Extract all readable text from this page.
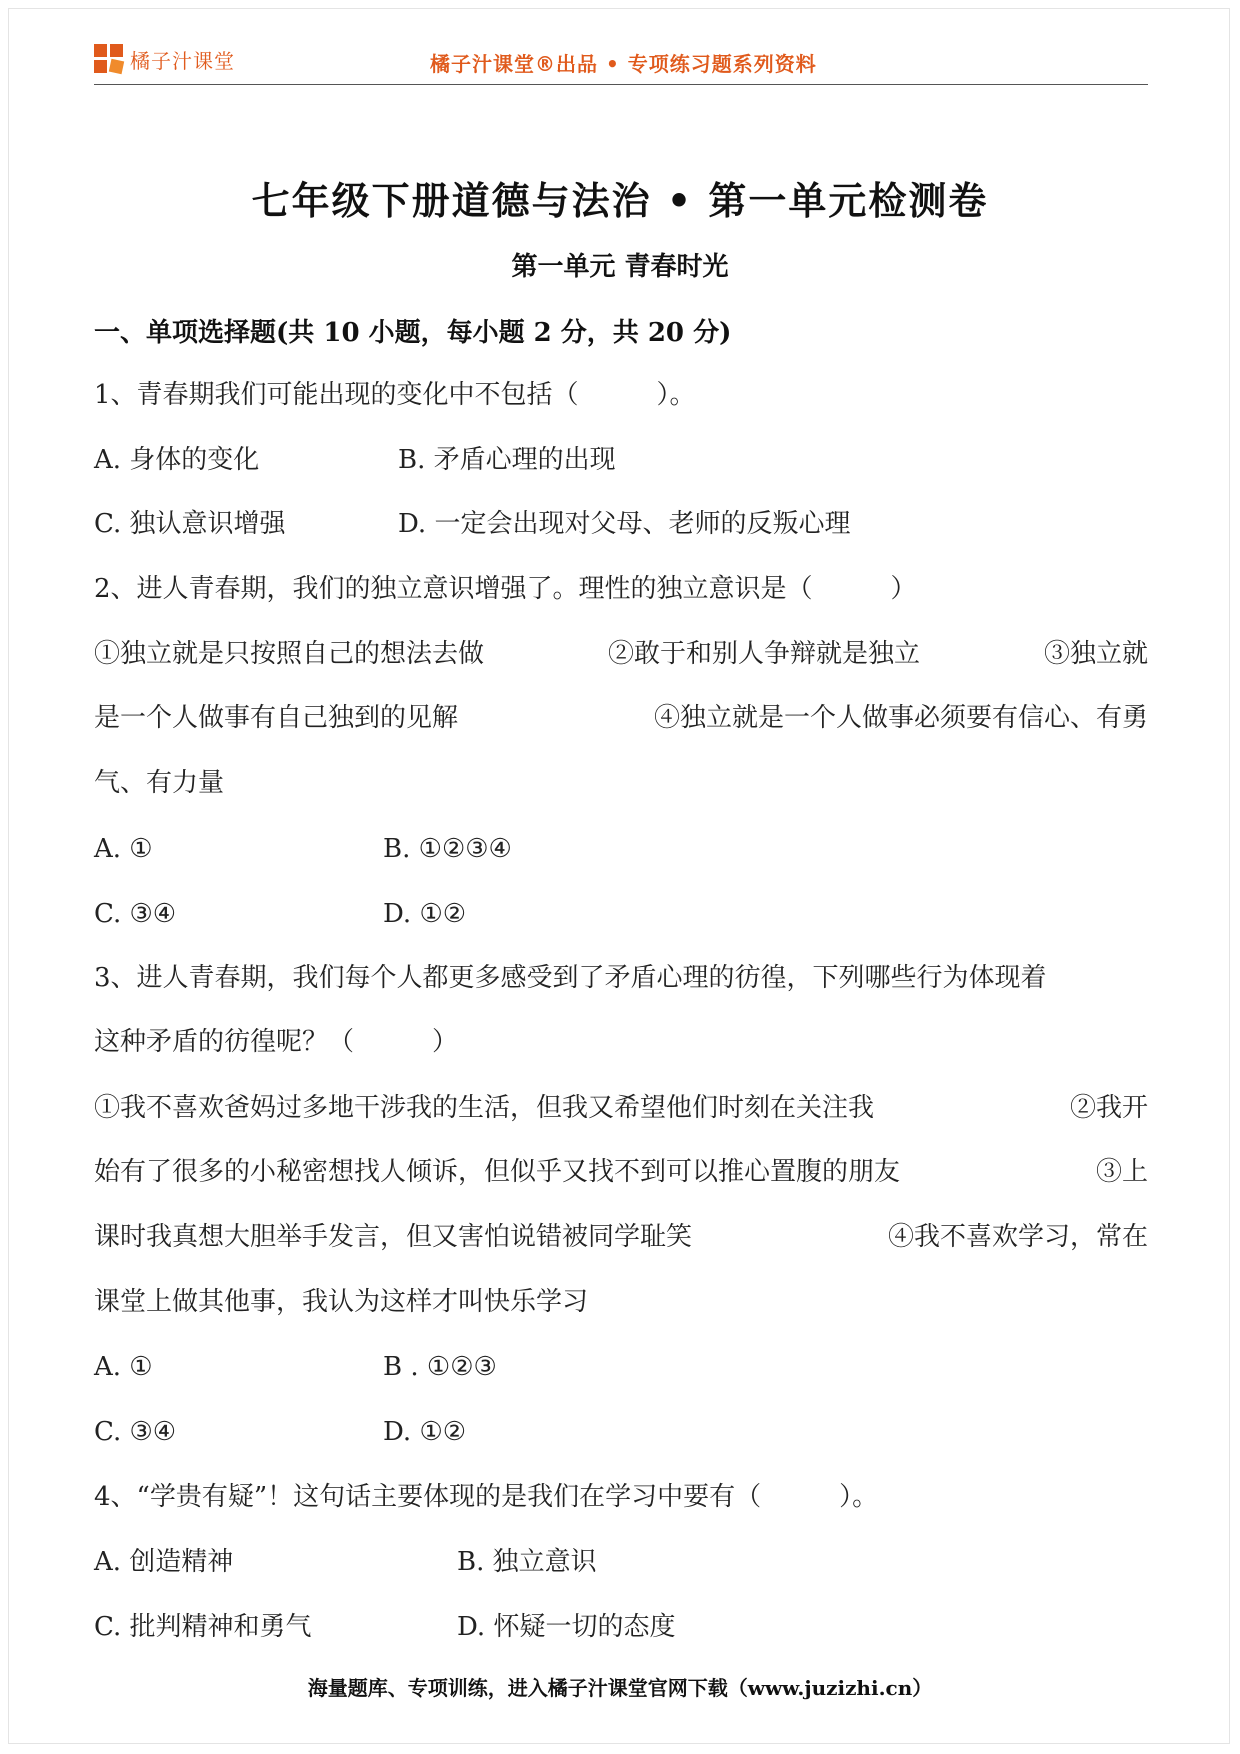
橘子汁课堂	橘子汁课堂®出品 • 专项练习题系列资料
七年级下册道德与法治 • 第一单元检测卷
第一单元 青春时光
一、单项选择题(共 10 小题，每小题 2 分，共 20 分)
1、青春期我们可能出现的变化中不包括（　　　）。
A. 身体的变化	B. 矛盾心理的出现
C. 独认意识增强	D. 一定会出现对父母、老师的反叛心理
2、进人青春期，我们的独立意识增强了。理性的独立意识是（　　　）
①独立就是只按照自己的想法去做	②敢于和别人争辩就是独立	③独立就
是一个人做事有自己独到的见解	④独立就是一个人做事必须要有信心、有勇
气、有力量
A. ①	B. ①②③④
C. ③④	D. ①②
3、进人青春期，我们每个人都更多感受到了矛盾心理的彷徨，下列哪些行为体现着
这种矛盾的彷徨呢？（　　　）
①我不喜欢爸妈过多地干涉我的生活，但我又希望他们时刻在关注我	②我开
始有了很多的小秘密想找人倾诉，但似乎又找不到可以推心置腹的朋友	③上
课时我真想大胆举手发言，但又害怕说错被同学耻笑	④我不喜欢学习，常在
课堂上做其他事，我认为这样才叫快乐学习
A. ①	B . ①②③
C. ③④	D. ①②
4、“学贵有疑”！这句话主要体现的是我们在学习中要有（　　　）。
A. 创造精神	B. 独立意识
C. 批判精神和勇气	D. 怀疑一切的态度
海量题库、专项训练，进入橘子汁课堂官网下载（www.juzizhi.cn）
